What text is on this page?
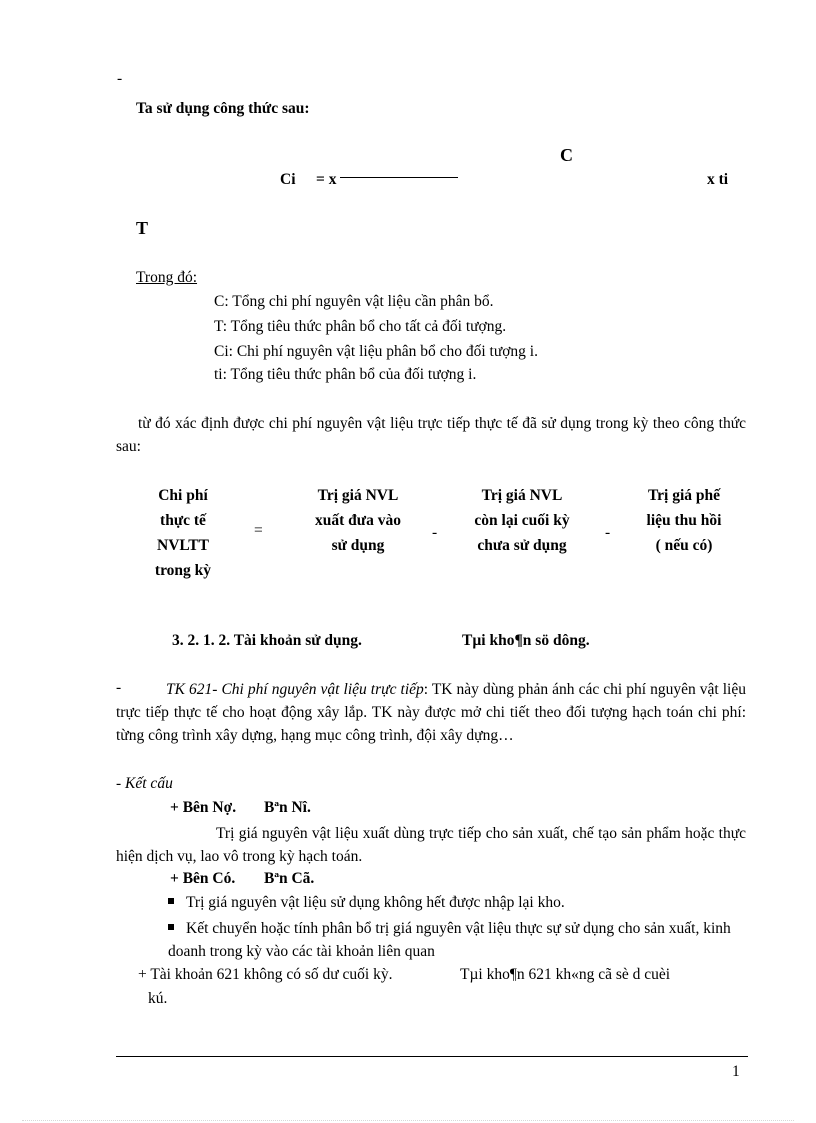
-
Ta sử dụng công thức sau:
C
Ci = x	x ti
T
Trong đó:
C: Tổng chi phí nguyên vật liệu cần phân bổ.
T: Tổng tiêu thức phân bổ cho tất cả đối tượng.
Ci: Chi phí nguyên vật liệu phân bổ cho đối tượng i.
ti: Tổng tiêu thức phân bổ của đối tượng i.
từ đó xác định được chi phí nguyên vật liệu trực tiếp thực tế đã sử dụng trong kỳ theo công thức sau:
Chi phí
thực tế
NVLTT
trong kỳ
=
Trị giá NVL
xuất đưa vào
sử dụng
-
Trị giá NVL
còn lại cuối kỳ
chưa sử dụng
-
Trị giá phế
liệu thu hồi
( nếu có)
3. 2. 1. 2. Tài khoản sử dụng.	Tµi kho¶n sö dông.
-	TK 621- Chi phí nguyên vật liệu trực tiếp: TK này dùng phản ánh các chi phí nguyên vật liệu trực tiếp thực tế cho hoạt động xây lắp. TK này được mở chi tiết theo đối tượng hạch toán chi phí: từng công trình xây dựng, hạng mục công trình, đội xây dựng…
- Kết cấu
+ Bên Nợ. Bªn Nî.
Trị giá nguyên vật liệu xuất dùng trực tiếp cho sản xuất, chế tạo sản phẩm hoặc thực hiện dịch vụ, lao vô trong kỳ hạch toán.
+ Bên Có. Bªn Cã.
Trị giá nguyên vật liệu sử dụng không hết được nhập lại kho.
Kết chuyển hoặc tính phân bổ trị giá nguyên vật liệu thực sự sử dụng cho sản xuất, kinh doanh trong kỳ vào các tài khoản liên quan
+ Tài khoản 621 không có số dư cuối kỳ.	Tµi kho¶n 621 kh«ng cã sè d cuèi
kú.
1
